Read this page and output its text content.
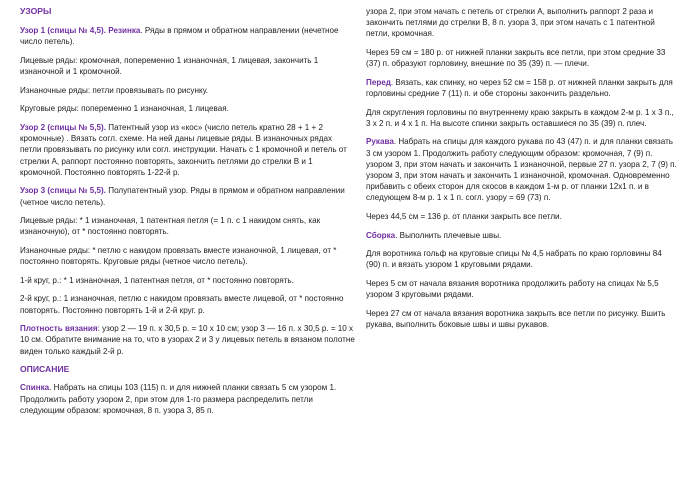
УЗОРЫ

Узор 1 (спицы № 4,5). Резинка. Ряды в прямом и обратном направлении (нечетное число петель).

Лицевые ряды: кромочная, попеременно 1 изнаночная, 1 лицевая, закончить 1 изнаночной и 1 кромочной.

Изнаночные ряды: петли провязывать по рисунку.

Круговые ряды: попеременно 1 изнаночная, 1 лицевая.

Узор 2 (спицы № 5,5). Патентный узор из «кос» (число петель кратно 28 + 1 + 2 кромочные) . Вязать согл. схеме. На ней даны лицевые ряды. В изнаночных рядах петли провязывать по рисунку или согл. инструкции. Начать с 1 кромочной и петель от стрелки А, раппорт постоянно повторять, закончить петлями до стрелки В и 1 кромочной. Постоянно повторять 1-22-й р.

Узор 3 (спицы № 5,5). Полупатентный узор. Ряды в прямом и обратном направлении (четное число петель).

Лицевые ряды: * 1 изнаночная, 1 патентная петля (= 1 п. с 1 накидом снять, как изнаночную), от * постоянно повторять.

Изнаночные ряды: * петлю с накидом провязать вместе изнаночной, 1 лицевая, от * постоянно повторять. Круговые ряды (четное число петель).

1-й круг, р.: * 1 изнаночная, 1 патентная петля, от * постоянно повторять.

2-й круг, р.: 1 изнаночная, петлю с накидом провязать вместе лицевой, от * постоянно повторять. Постоянно повторять 1-й и 2-й круг. р.

Плотность вязания: узор 2 — 19 п. х 30,5 р. = 10 х 10 см; узор 3 — 16 п. х 30,5 р. = 10 х 10 см. Обратите внимание на то, что в узорах 2 и 3 у лицевых петель в вязаном полотне виден только каждый 2-й р.

ОПИСАНИЕ

Спинка. Набрать на спицы 103 (115) п. и для нижней планки связать 5 см узором 1. Продолжить работу узором 2, при этом для 1-го размера распределить петли следующим образом: кромочная, 8 п. узора 3, 85 п.

узора 2, при этом начать с петель от стрелки А, выполнить раппорт 2 раза и закончить петлями до стрелки В, 8 п. узора 3, при этом начать с 1 патентной петли, кромочная.

Через 59 см = 180 р. от нижней планки закрыть все петли, при этом средние 33 (37) п. образуют горловину, внешние по 35 (39) п. — плечи.

Перед. Вязать, как спинку, но через 52 см = 158 р. от нижней планки закрыть для горловины средние 7 (11) п. и обе стороны закончить раздельно.

Для скругления горловины по внутреннему краю закрыть в каждом 2-м р. 1 х 3 п., 3 х 2 п. и 4 х 1 п. На высоте спинки закрыть оставшиеся по 35 (39) п. плеч.

Рукава. Набрать на спицы для каждого рукава по 43 (47) п. и для планки связать 3 см узором 1. Продолжить работу следующим образом: кромочная, 7 (9) п. узором 3, при этом начать и закончить 1 изнаночной, первые 27 п. узора 2, 7 (9) п. узором 3, при этом начать и закончить 1 изнаночной, кромочная. Одновременно прибавить с обеих сторон для скосов в каждом 1-м р. от планки 12х1 п. и в следующем 8-м р. 1 х 1 п. согл. узору = 69 (73) п.

Через 44,5 см = 136 р. от планки закрыть все петли.

Сборка. Выполнить плечевые швы.

Для воротника гольф на круговые спицы № 4,5 набрать по краю горловины 84 (90) п. и вязать узором 1 круговыми рядами.

Через 5 см от начала вязания воротника продолжить работу на спицах № 5,5 узором 3 круговыми рядами.

Через 27 см от начала вязания воротника закрыть все петли по рисунку. Вшить рукава, выполнить боковые швы и швы рукавов.
